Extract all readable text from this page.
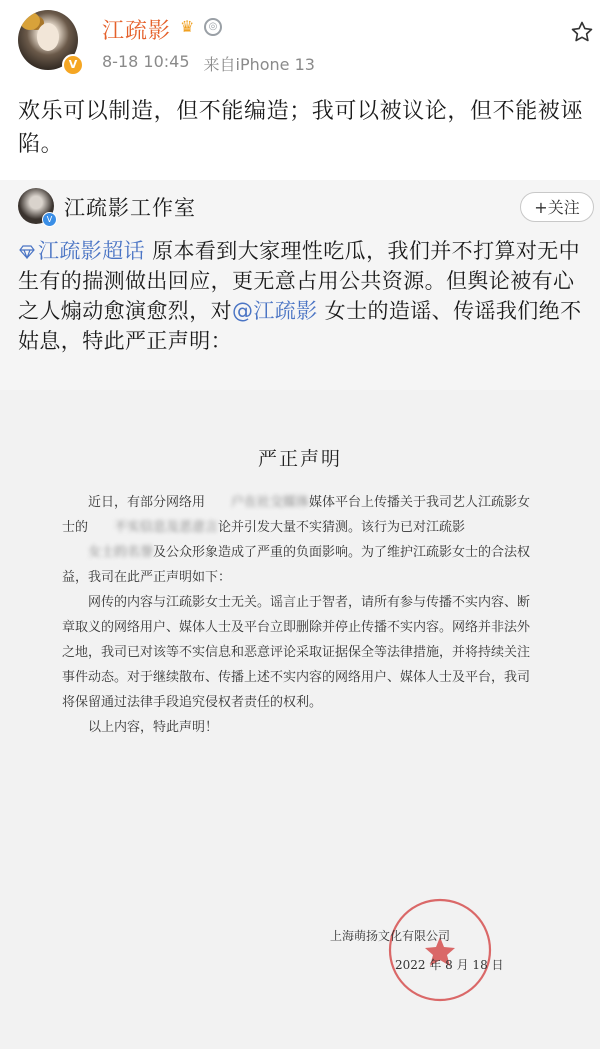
V
江疏影 ♛	◎
8-18 10:45 来自iPhone 13
欢乐可以制造，但不能编造；我可以被议论，但不能被诬陷。
V 江疏影工作室	+关注
江疏影超话 原本看到大家理性吃瓜，我们并不打算对无中生有的揣测做出回应，更无意占用公共资源。但舆论被有心之人煽动愈演愈烈，对@江疏影 女士的造谣、传谣我们绝不姑息，特此严正声明：
严正声明

近日，有部分网络用 户在社交媒体媒体平台上传播关于我司艺人江疏影女士的 不实信息及恶意言论并引发大量不实猜测。该行为已对江疏影女士的名誉及公众形象造成了严重的负面影响。为了维护江疏影女士的合法权益，我司在此严正声明如下：

网传的内容与江疏影女士无关。谣言止于智者，请所有参与传播不实内容、断章取义的网络用户、媒体人士及平台立即删除并停止传播不实内容。网络并非法外之地，我司已对该等不实信息和恶意评论采取证据保全等法律措施，并将持续关注事件动态。对于继续散布、传播上述不实内容的网络用户、媒体人士及平台，我司将保留通过法律手段追究侵权者责任的权利。

以上内容，特此声明！

上海萌扬文化有限公司
2022 年 8 月 18 日
